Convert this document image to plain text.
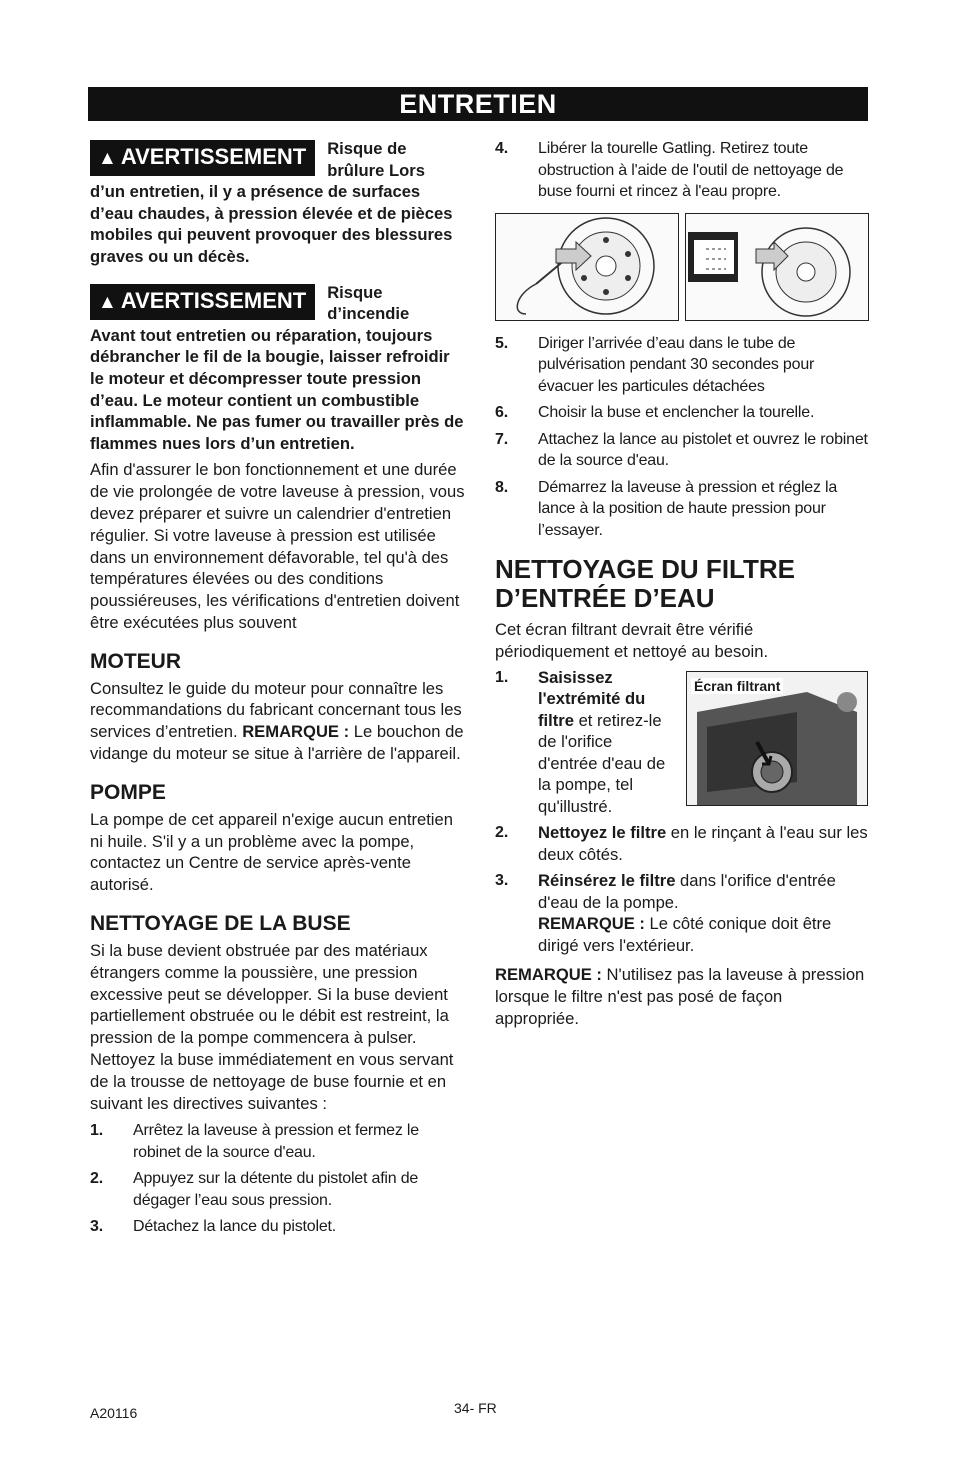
ENTRETIEN
▲ AVERTISSEMENT	Risque de brûlure Lors
d’un entretien, il y a présence de surfaces d’eau chaudes, à pression élevée et de pièces mobiles qui peuvent provoquer des blessures graves ou un décès.
▲ AVERTISSEMENT	Risque d’incendie
Avant tout entretien ou réparation, toujours débrancher le fil de la bougie, laisser refroidir le moteur et décompresser toute pression d’eau. Le moteur contient un combustible inflammable. Ne pas fumer ou travailler près de flammes nues lors d’un entretien.

Afin d'assurer le bon fonctionnement et une durée de vie prolongée de votre laveuse à pression, vous devez préparer et suivre un calendrier d'entretien régulier. Si votre laveuse à pression est utilisée dans un environnement défavorable, tel qu'à des températures élevées ou des conditions poussiéreuses, les vérifications d'entretien doivent être exécutées plus souvent

MOTEUR

Consultez le guide du moteur pour connaître les recommandations du fabricant concernant tous les services d’entretien. REMARQUE : Le bouchon de vidange du moteur se situe à l'arrière de l'appareil.

POMPE

La pompe de cet appareil n'exige aucun entretien ni huile. S'il y a un problème avec la pompe, contactez un Centre de service après-vente autorisé.

NETTOYAGE DE LA BUSE

Si la buse devient obstruée par des matériaux étrangers comme la poussière, une pression excessive peut se développer. Si la buse devient partiellement obstruée ou le débit est restreint, la pression de la pompe commencera à pulser. Nettoyez la buse immédiatement en vous servant de la trousse de nettoyage de buse fournie et en suivant les directives suivantes :

1.	Arrêtez la laveuse à pression et fermez le robinet de la source d'eau.
2.	Appuyez sur la détente du pistolet afin de dégager l’eau sous pression.
3.	Détachez la lance du pistolet.
4.	Libérer la tourelle Gatling. Retirez toute obstruction à l'aide de l'outil de nettoyage de buse fourni et rincez à l'eau propre.
5.	Diriger l’arrivée d’eau dans le tube de pulvérisation pendant 30 secondes pour évacuer les particules détachées
6.	Choisir la buse et enclencher la tourelle.
7.	Attachez la lance au pistolet et ouvrez le robinet de la source d'eau.
8.	Démarrez la laveuse à pression et réglez la lance à la position de haute pression pour l’essayer.
NETTOYAGE DU FILTRE D’ENTRÉE D’EAU

Cet écran filtrant devrait être vérifié périodiquement et nettoyé au besoin.

Écran filtrant
1.	Saisissez l'extrémité du filtre et retirez-le de l'orifice d'entrée d'eau de la pompe, tel qu'illustré.
2.	Nettoyez le filtre en le rinçant à l'eau sur les deux côtés.
3.	Réinsérez le filtre dans l'orifice d'entrée d'eau de la pompe.
REMARQUE : Le côté conique doit être dirigé vers l'extérieur.

REMARQUE : N'utilisez pas la laveuse à pression lorsque le filtre n'est pas posé de façon appropriée.

A20116	34- FR
